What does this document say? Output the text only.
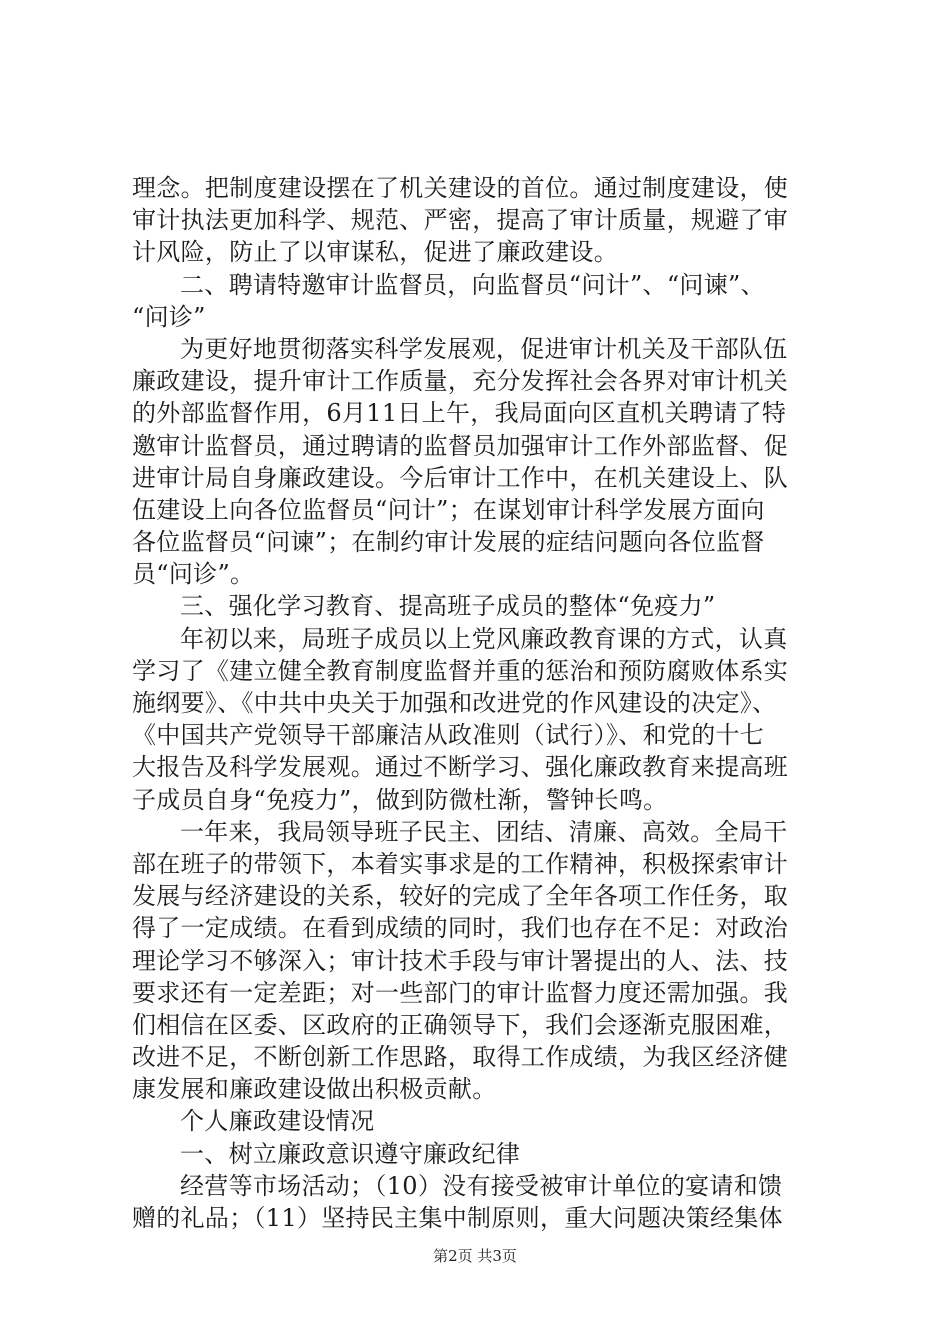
理念。把制度建设摆在了机关建设的首位。通过制度建设，使
审计执法更加科学、规范、严密，提高了审计质量，规避了审
计风险，防止了以审谋私，促进了廉政建设。
二、聘请特邀审计监督员，向监督员“问计”、“问谏”、
“问诊”
为更好地贯彻落实科学发展观，促进审计机关及干部队伍
廉政建设，提升审计工作质量，充分发挥社会各界对审计机关
的外部监督作用，6月11日上午，我局面向区直机关聘请了特
邀审计监督员，通过聘请的监督员加强审计工作外部监督、促
进审计局自身廉政建设。今后审计工作中，在机关建设上、队
伍建设上向各位监督员“问计”；在谋划审计科学发展方面向
各位监督员“问谏”；在制约审计发展的症结问题向各位监督
员“问诊”。
三、强化学习教育、提高班子成员的整体“免疫力”
年初以来，局班子成员以上党风廉政教育课的方式，认真
学习了《建立健全教育制度监督并重的惩治和预防腐败体系实
施纲要》、《中共中央关于加强和改进党的作风建设的决定》、
《中国共产党领导干部廉洁从政准则（试行）》、和党的十七
大报告及科学发展观。通过不断学习、强化廉政教育来提高班
子成员自身“免疫力”，做到防微杜渐，警钟长鸣。
一年来，我局领导班子民主、团结、清廉、高效。全局干
部在班子的带领下，本着实事求是的工作精神，积极探索审计
发展与经济建设的关系，较好的完成了全年各项工作任务，取
得了一定成绩。在看到成绩的同时，我们也存在不足：对政治
理论学习不够深入；审计技术手段与审计署提出的人、法、技
要求还有一定差距；对一些部门的审计监督力度还需加强。我
们相信在区委、区政府的正确领导下，我们会逐渐克服困难，
改进不足，不断创新工作思路，取得工作成绩，为我区经济健
康发展和廉政建设做出积极贡献。
个人廉政建设情况
一、树立廉政意识遵守廉政纪律
经营等市场活动；（10）没有接受被审计单位的宴请和馈
赠的礼品；（11）坚持民主集中制原则，重大问题决策经集体
第2页 共3页
